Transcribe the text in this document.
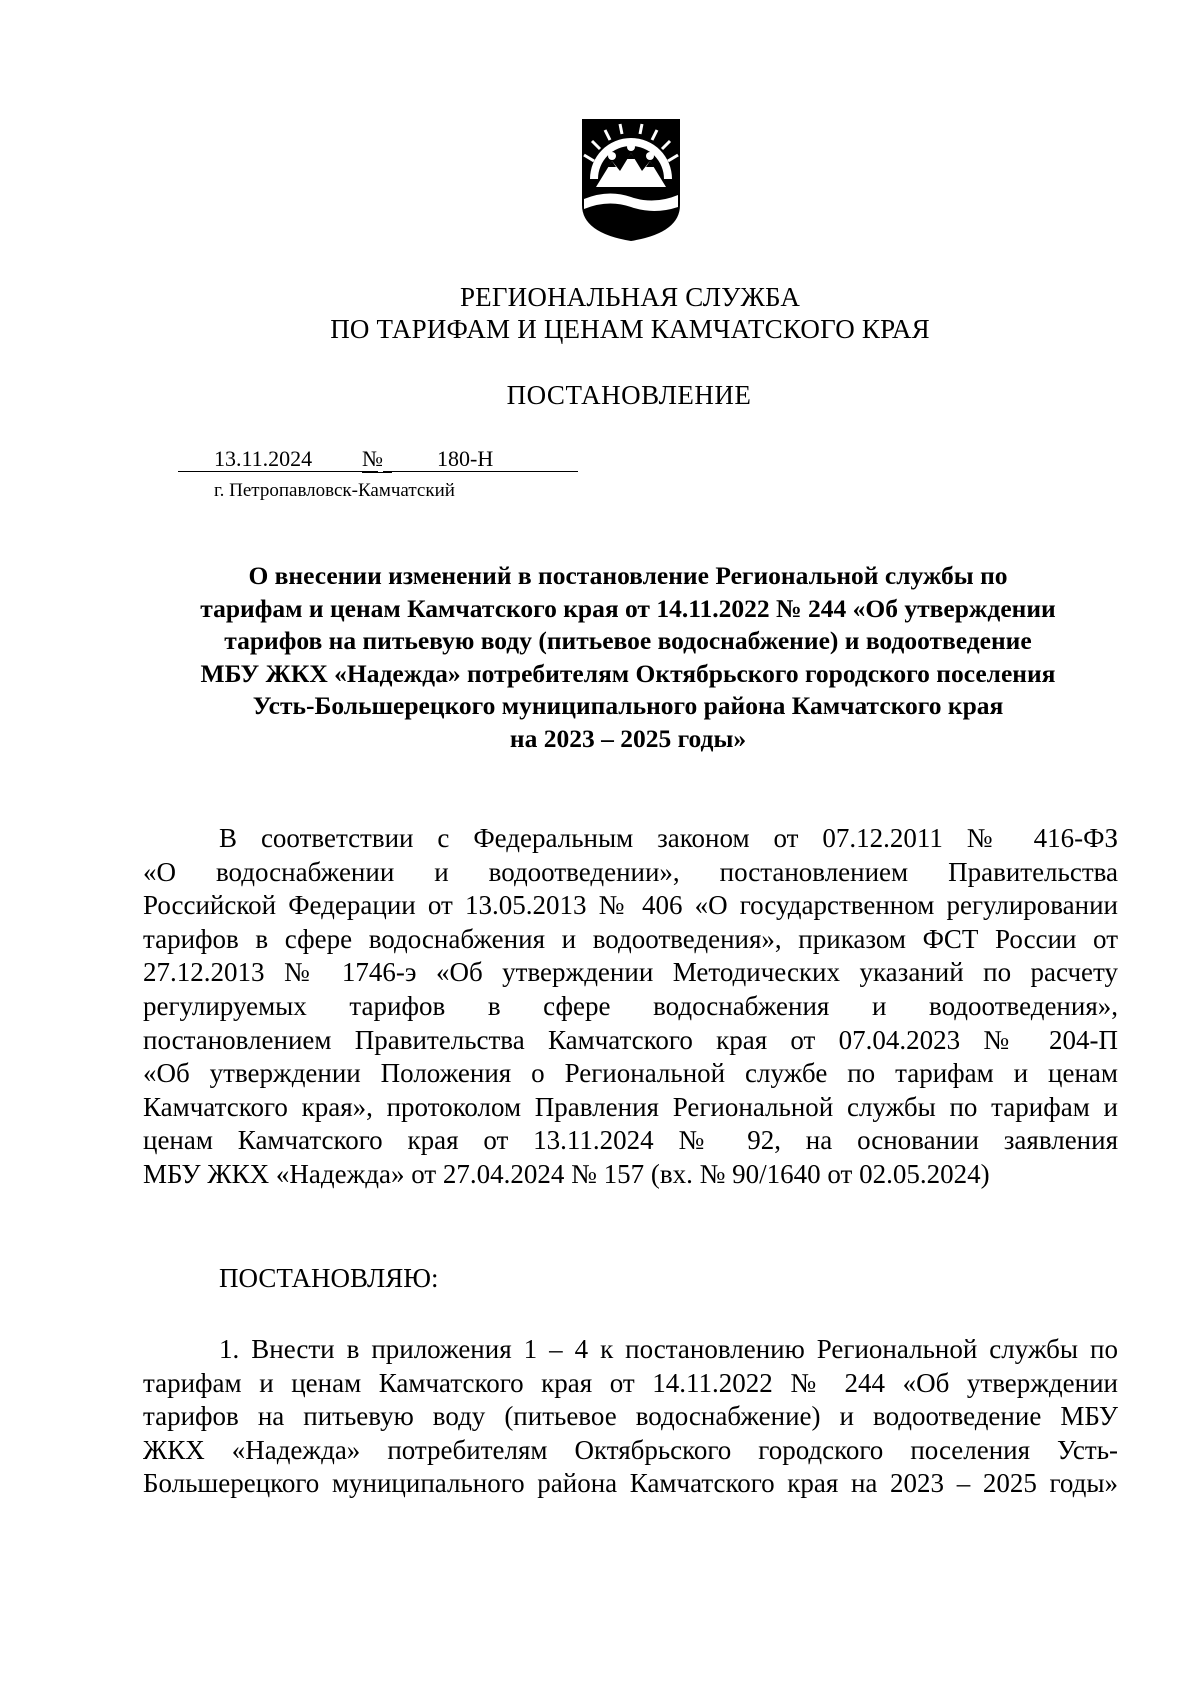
РЕГИОНАЛЬНАЯ СЛУЖБА
ПО ТАРИФАМ И ЦЕНАМ КАМЧАТСКОГО КРАЯ
ПОСТАНОВЛЕНИЕ
13.11.2024	№	180-Н
г. Петропавловск-Камчатский
О внесении изменений в постановление Региональной службы по
тарифам и ценам Камчатского края от 14.11.2022 № 244 «Об утверждении
тарифов на питьевую воду (питьевое водоснабжение) и водоотведение
МБУ ЖКХ «Надежда» потребителям Октябрьского городского поселения
Усть-Большерецкого муниципального района Камчатского края
на 2023 – 2025 годы»
В соответствии с Федеральным законом от 07.12.2011 № 416-ФЗ
«О водоснабжении и водоотведении», постановлением Правительства
Российской Федерации от 13.05.2013 № 406 «О государственном регулировании
тарифов в сфере водоснабжения и водоотведения», приказом ФСТ России от
27.12.2013 № 1746-э «Об утверждении Методических указаний по расчету
регулируемых тарифов в сфере водоснабжения и водоотведения»,
постановлением Правительства Камчатского края от 07.04.2023 № 204-П
«Об утверждении Положения о Региональной службе по тарифам и ценам
Камчатского края», протоколом Правления Региональной службы по тарифам и
ценам Камчатского края от 13.11.2024 № 92, на основании заявления
МБУ ЖКХ «Надежда» от 27.04.2024 № 157 (вх. № 90/1640 от 02.05.2024)
ПОСТАНОВЛЯЮ:
1. Внести в приложения 1 – 4 к постановлению Региональной службы по
тарифам и ценам Камчатского края от 14.11.2022 № 244 «Об утверждении
тарифов на питьевую воду (питьевое водоснабжение) и водоотведение МБУ
ЖКХ «Надежда» потребителям Октябрьского городского поселения Усть-
Большерецкого муниципального района Камчатского края на 2023 – 2025 годы»
